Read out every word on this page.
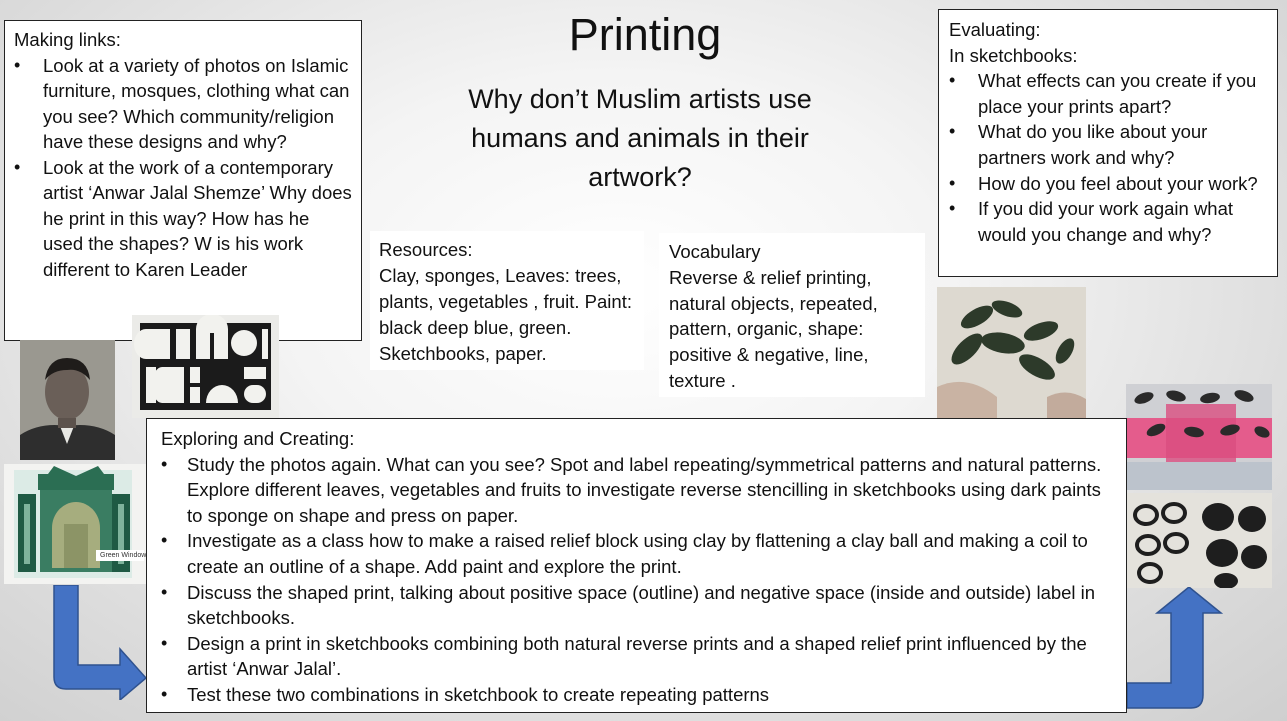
Printing
Why don’t Muslim artists use humans and animals in their artwork?
Making links:
• Look at a variety of photos on Islamic furniture, mosques, clothing what can you see? Which community/religion have these designs and why?
• Look at the work of a contemporary artist ‘Anwar Jalal Shemze’ Why does he print in this way? How has he used the shapes? W is his work different to Karen Leader
Evaluating:
In sketchbooks:
• What effects can you create if you place your prints apart?
• What do you like about your partners work and why?
• How do you feel about your work?
• If you did your work again what would you change and why?
Resources:
Clay, sponges, Leaves: trees, plants, vegetables , fruit. Paint: black deep blue, green. Sketchbooks, paper.
Vocabulary
Reverse & relief printing, natural objects, repeated, pattern, organic, shape: positive & negative, line, texture .
Green Window
Exploring and Creating:
• Study the photos again. What can you see? Spot and label repeating/symmetrical patterns and natural patterns. Explore different leaves, vegetables and fruits to investigate reverse stencilling in sketchbooks using dark paints to sponge on shape and press on paper.
• Investigate as a class how to make a raised relief block using clay by flattening a clay ball and making a coil to create an outline of a shape. Add paint and explore the print.
• Discuss the shaped print, talking about positive space (outline) and negative space (inside and outside) label in sketchbooks.
• Design a print in sketchbooks combining both natural reverse prints and a shaped relief print influenced by the artist ‘Anwar Jalal’.
• Test these two combinations in sketchbook to create repeating patterns
